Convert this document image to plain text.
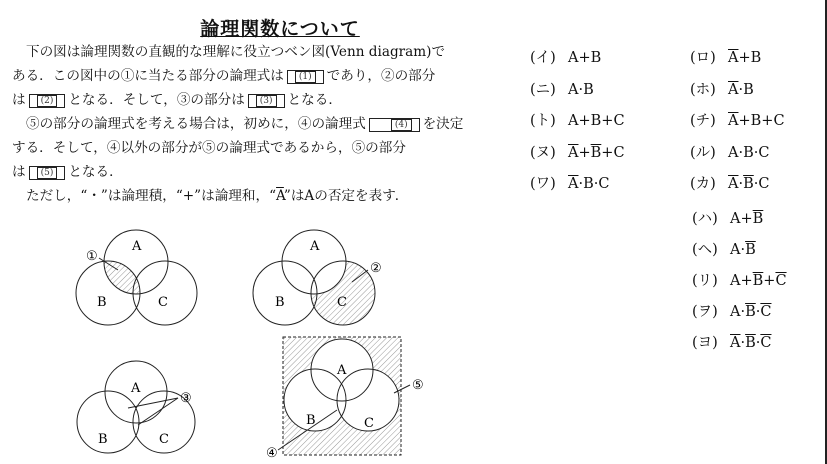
論理関数について
下の図は論理関数の直観的な理解に役立つベン図(Venn diagram)で
ある．この図中の①に当たる部分の論理式は (1) であり，②の部分
は (2) となる．そして，③の部分は (3) となる．
⑤の部分の論理式を考える場合は，初めに，④の論理式	(4) を決定
する．そして，④以外の部分が⑤の論理式であるから，⑤の部分
は (5) となる．
ただし，“・”は論理積，“+”は論理和，“$\overline{A}$”はAの否定を表す．
(イ) A+B
(ニ) A·B
(ト) A+B+C
(ヌ) $\overline{A}+\overline{B}+C$
(ワ) $\overline{A}\cdot B\cdot C$
(ロ) $\overline{A}+B$
(ホ) $\overline{A}\cdot B$
(チ) $\overline{A}+B+C$
(ル) A·B·C
(カ) $\overline{A}\cdot\overline{B}\cdot C$
(ハ) $A+\overline{B}$
(ヘ) $A\cdot\overline{B}$
(リ) $A+\overline{B}+\overline{C}$
(ヲ) $A\cdot\overline{B}\cdot\overline{C}$
(ヨ) $\overline{A}\cdot\overline{B}\cdot\overline{C}$
A
B	C
①
A
B	C
②
A
B	C
③
A
B	C
⑤
④
